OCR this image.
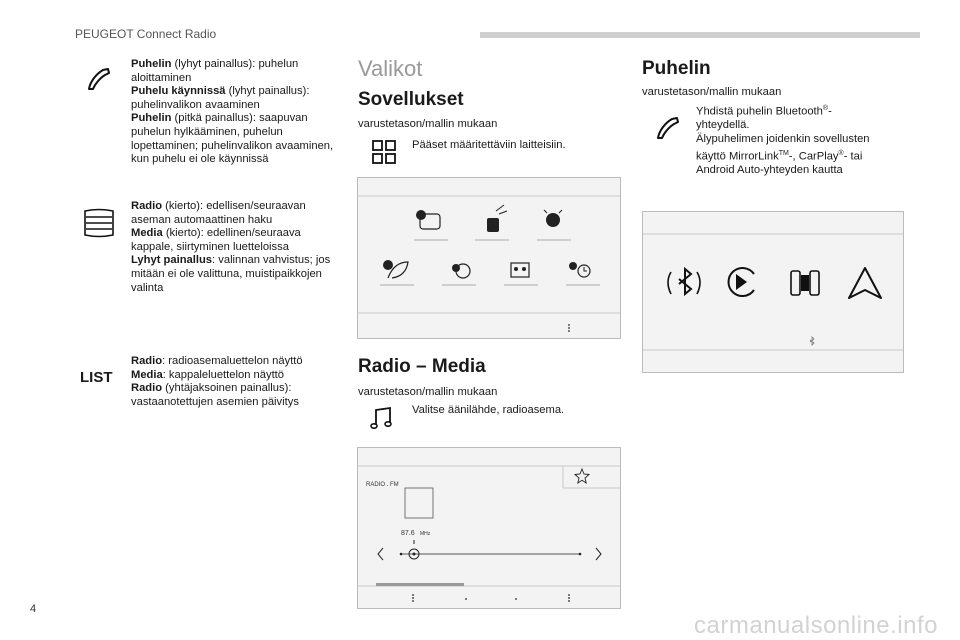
PEUGEOT Connect Radio
Puhelin (lyhyt painallus): puhelun aloittaminen
Puhelu käynnissä (lyhyt painallus): puhelinvalikon avaaminen
Puhelin (pitkä painallus): saapuvan puhelun hylkääminen, puhelun lopettaminen; puhelinvalikon avaaminen, kun puhelu ei ole käynnissä
Radio (kierto): edellisen/seuraavan aseman automaattinen haku
Media (kierto): edellinen/seuraava kappale, siirtyminen luetteloissa
Lyhyt painallus: valinnan vahvistus; jos mitään ei ole valittuna, muistipaikkojen valinta
LIST
Radio: radioasemaluettelon näyttö
Media: kappaleluettelon näyttö
Radio (yhtäjaksoinen painallus): vastaanotettujen asemien päivitys
Valikot
Sovellukset
varustetason/mallin mukaan
Pääset määritettäviin laitteisiin.
Radio – Media
varustetason/mallin mukaan
Valitse äänilähde, radioasema.
RADIO . FM
87.6 MHz
Puhelin
varustetason/mallin mukaan
Yhdistä puhelin Bluetooth®-
yhteydellä.
Älypuhelimen joidenkin sovellusten
käyttö MirrorLink™-, CarPlay®- tai
Android Auto-yhteyden kautta
4
carmanualsonline.info
